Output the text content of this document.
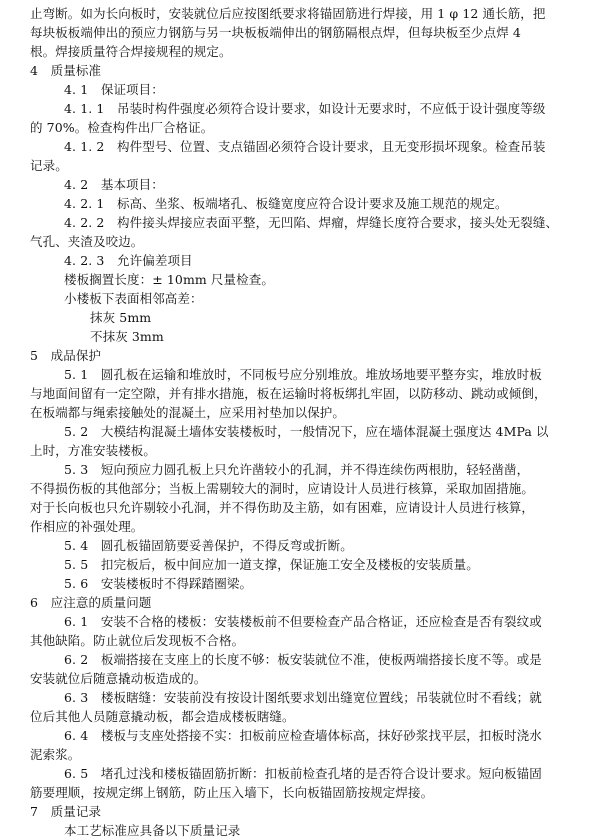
止弯断。如为长向板时，安装就位后应按图纸要求将锚固筋进行焊接，用 1 φ 12 通长筋，把
每块板板端伸出的预应力钢筋与另一块板板端伸出的钢筋隔根点焊，但每块板至少点焊 4
根。焊接质量符合焊接规程的规定。
4　质量标准
4. 1　保证项目：
4. 1. 1　吊装时构件强度必须符合设计要求，如设计无要求时，不应低于设计强度等级
的 70%。检查构件出厂合格证。
4. 1. 2　构件型号、位置、支点锚固必须符合设计要求，且无变形损坏现象。检查吊装
记录。
4. 2　基本项目：
4. 2. 1　标高、坐浆、板端堵孔、板缝宽度应符合设计要求及施工规范的规定。
4. 2. 2　构件接头焊接应表面平整，无凹陷、焊瘤，焊缝长度符合要求，接头处无裂缝、
气孔、夹渣及咬边。
4. 2. 3　允许偏差项目
楼板搁置长度：± 10mm 尺量检查。
小楼板下表面相邻高差：
抹灰 5mm
不抹灰 3mm
5　成品保护
5. 1　圆孔板在运输和堆放时，不同板号应分别堆放。堆放场地要平整夯实，堆放时板
与地面间留有一定空隙，并有排水措施，板在运输时将板绑扎牢固，以防移动、跳动或倾倒，
在板端都与绳索接触处的混凝土，应采用衬垫加以保护。
5. 2　大模结构混凝土墙体安装楼板时，一般情况下，应在墙体混凝土强度达 4MPa 以
上时，方准安装楼板。
5. 3　短向预应力圆孔板上只允许凿较小的孔洞，并不得连续伤两根肋，轻轻凿凿，
不得损伤板的其他部分；当板上需剔较大的洞时，应请设计人员进行核算，采取加固措施。
对于长向板也只允许剔较小孔洞，并不得伤助及主筋，如有困难，应请设计人员进行核算，
作相应的补强处理。
5. 4　圆孔板锚固筋要妥善保护，不得反弯或折断。
5. 5　扣完板后，板中间应加一道支撑，保证施工安全及楼板的安装质量。
5. 6　安装楼板时不得踩踏圈梁。
6　应注意的质量问题
6. 1　安装不合格的楼板：安装楼板前不但要检查产品合格证，还应检查是否有裂纹或
其他缺陷。防止就位后发现板不合格。
6. 2　板端搭接在支座上的长度不够：板安装就位不准，使板两端搭接长度不等。或是
安装就位后随意撬动板造成的。
6. 3　楼板瞎缝：安装前没有按设计图纸要求划出缝宽位置线；吊装就位时不看线；就
位后其他人员随意撬动板，都会造成楼板瞎缝。
6. 4　楼板与支座处搭接不实：扣板前应检查墙体标高，抹好砂浆找平层，扣板时浇水
泥索浆。
6. 5　堵孔过浅和楼板锚固筋折断：扣板前检查孔堵的是否符合设计要求。短向板锚固
筋要理顺，按规定绑上钢筋，防止压入墙下，长向板锚固筋按规定焊接。
7　质量记录
本工艺标准应具备以下质量记录
